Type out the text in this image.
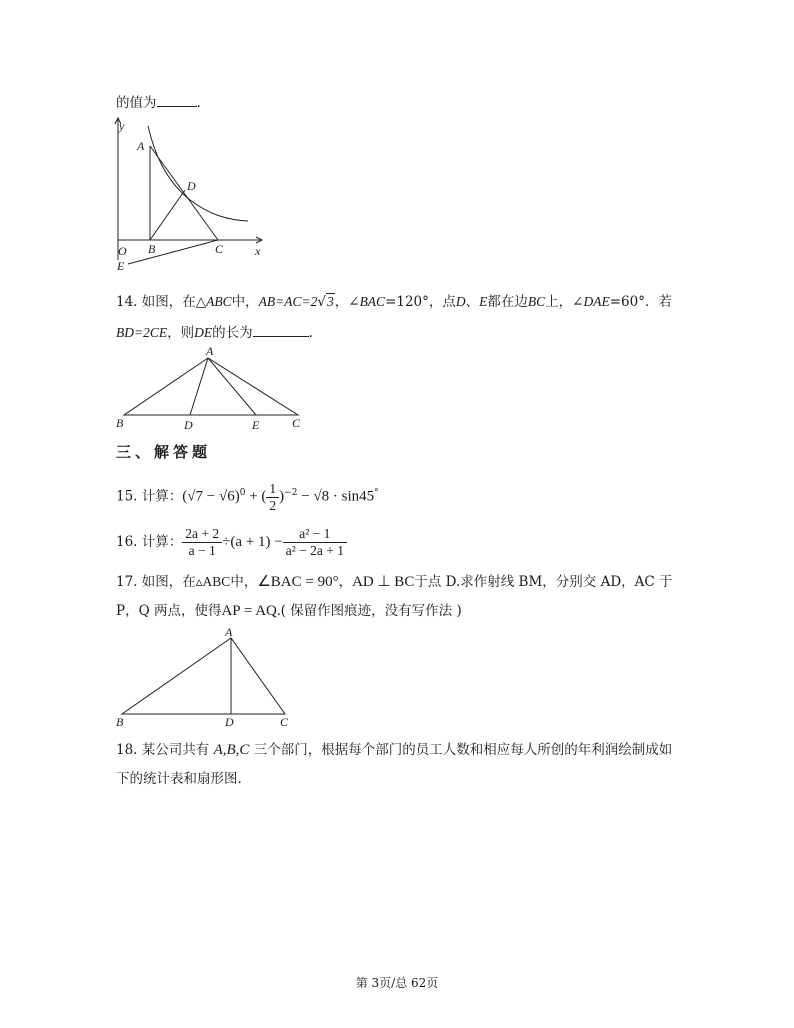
的值为	.
y
x
O
A
B	C
D
E
14. 如图，在△ABC中，AB=AC=2√3，∠BAC=120°，点D、E都在边BC上，∠DAE=60°．若
BD=2CE，则DE的长为	.
A
B	C
D	E
三、解答题
15. 计算：$(√7 - √6)^0$ + ( $\frac{1}{2} )^{-2} - √8 \cdot \sin 45^\circ$
16. 计算： $\frac{2a + 2}{a - 1} \div(a + 1) - \frac{\text{a² − 1}}{\text{a² − 2a + 1}}$
17. 如图，在▵ABC中，∠BAC = 90°，AD ⊥ BC于点 D.求作射线 BM，分别交 AD，AC 于
P，Q 两点，使得AP = AQ.( 保留作图痕迹，没有写作法 )
A
B	C
D
18. 某公司共有 A,B,C 三个部门，根据每个部门的员工人数和相应每人所创的年利润绘制成如
下的统计表和扇形图.
第 3页/总 62页
